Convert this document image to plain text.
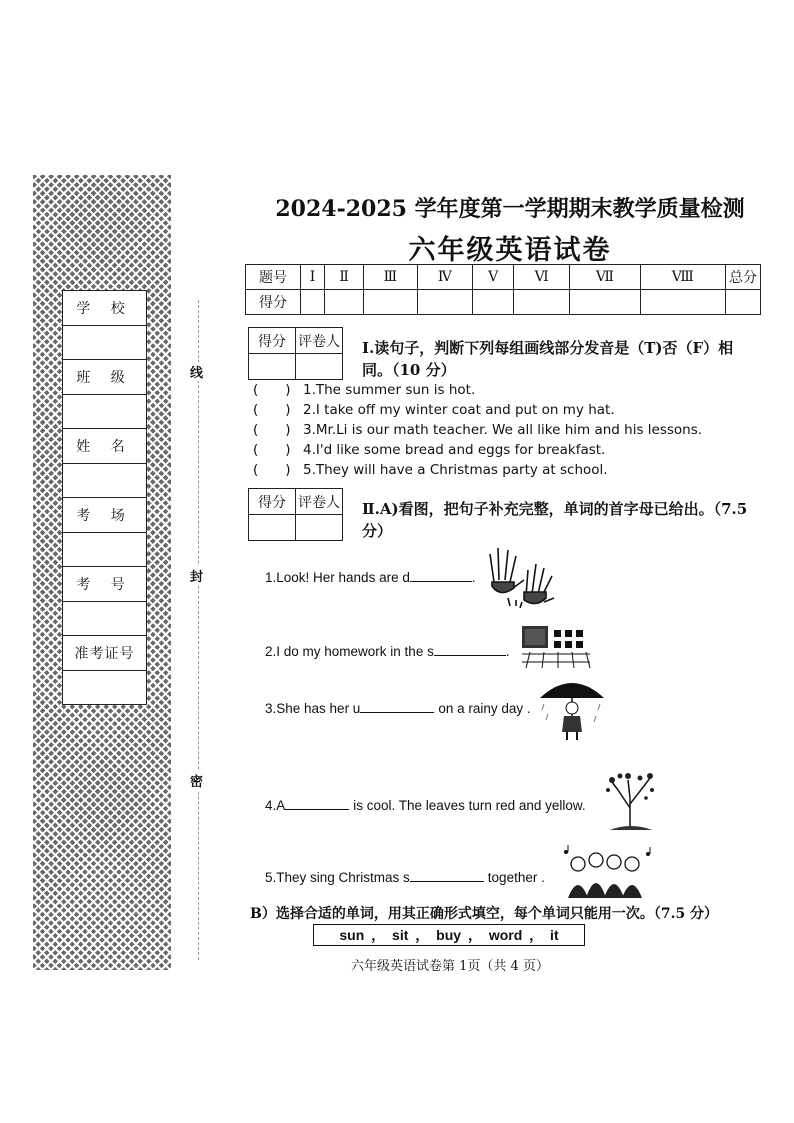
学 校
班 级
姓 名
考 场
考 号
准考证号
线
封
密
2024-2025 学年度第一学期期末教学质量检测
六年级英语试卷
题号	Ⅰ	Ⅱ	Ⅲ	Ⅳ	Ⅴ	Ⅵ	Ⅶ	Ⅷ	总分
得分									
得分	评卷人
	Ⅰ.读句子，判断下列每组画线部分发音是（T)否（F）相同。（10 分）
(　　) 1.The summer sun is hot.
(　　) 2.I take off my winter coat and put on my hat.
(　　) 3.Mr.Li is our math teacher. We all like him and his lessons.
(　　) 4.I'd like some bread and eggs for breakfast.
(　　) 5.They will have a Christmas party at school.
得分	评卷人
	Ⅱ.A)看图，把句子补充完整，单词的首字母已给出。（7.5 分）
1.Look! Her hands are d	.
2.I do my homework in the s	.
3.She has her u	on a rainy day .
4.A	is cool. The leaves turn red and yellow.
5.They sing Christmas s	together .
B）选择合适的单词，用其正确形式填空，每个单词只能用一次。（7.5 分）
sun ， sit ， buy ， word ， it
六年级英语试卷第 1页（共 4 页）
